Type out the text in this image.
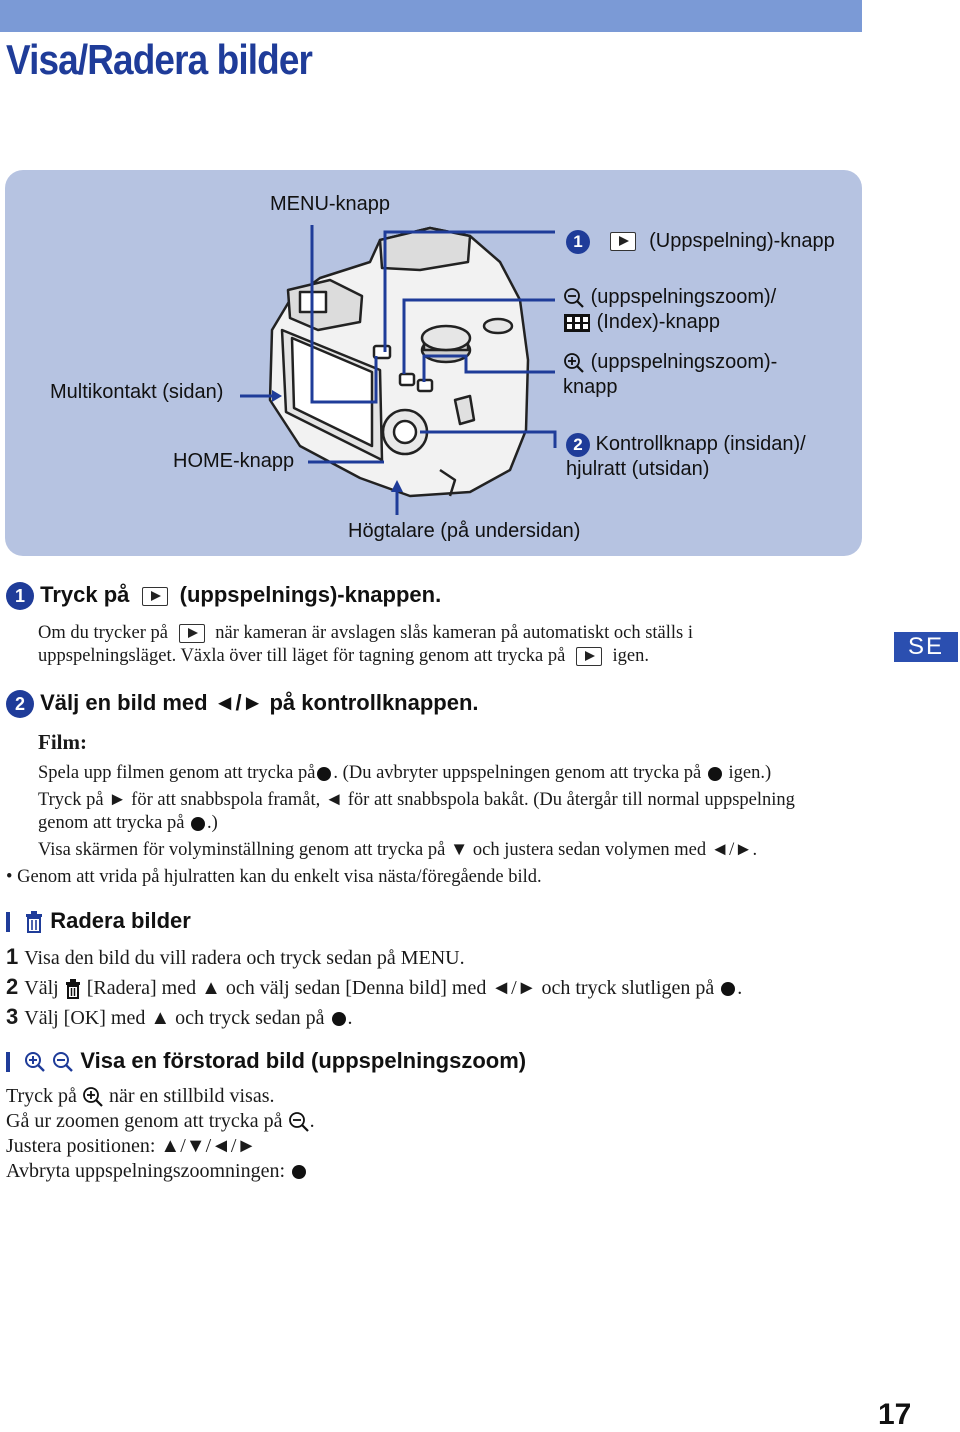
Visa/Radera bilder
MENU-knapp
1	(Uppspelning)-knapp
(uppspelningszoom)/
(Index)-knapp
(uppspelningszoom)-
knapp
2 Kontrollknapp (insidan)/
hjulratt (utsidan)
Multikontakt (sidan)
HOME-knapp
Högtalare (på undersidan)
SE
1 Tryck på (uppspelnings)-knappen.
Om du trycker på	när kameran är avslagen slås kameran på automatiskt och ställs i
uppspelningsläget. Växla över till läget för tagning genom att trycka på	igen.
2 Välj en bild med ◄/► på kontrollknappen.
Film:
Spela upp filmen genom att trycka på . (Du avbryter uppspelningen genom att trycka på igen.)
Tryck på ► för att snabbspola framåt, ◄ för att snabbspola bakåt. (Du återgår till normal uppspelning
genom att trycka på .)
Visa skärmen för volyminställning genom att trycka på ▼ och justera sedan volymen med ◄/►.
• Genom att vrida på hjulratten kan du enkelt visa nästa/föregående bild.
Radera bilder
1 Visa den bild du vill radera och tryck sedan på MENU.
2 Välj [Radera] med ▲ och välj sedan [Denna bild] med ◄/► och tryck slutligen på .
3 Välj [OK] med ▲ och tryck sedan på .
Visa en förstorad bild (uppspelningszoom)
Tryck på när en stillbild visas.
Gå ur zoomen genom att trycka på .
Justera positionen: ▲/▼/◄/►
Avbryta uppspelningszoomningen:
17
